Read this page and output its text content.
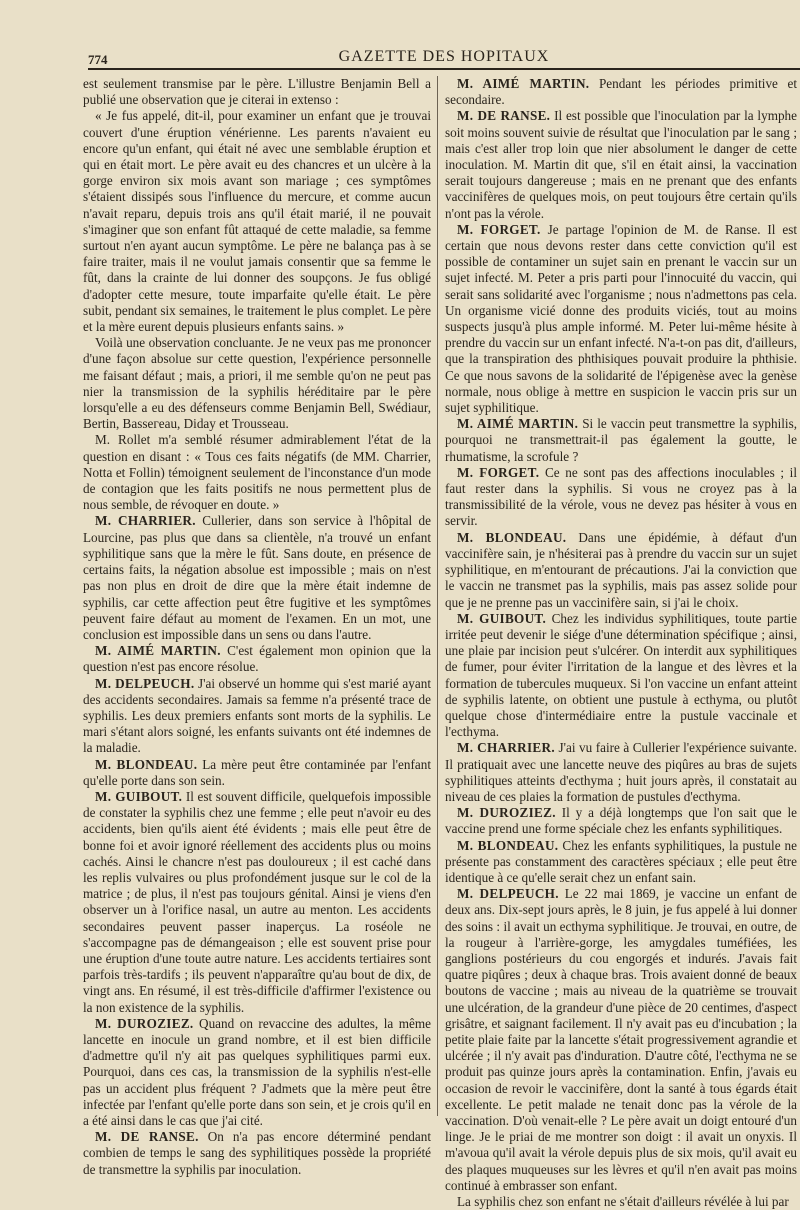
774	GAZETTE DES HOPITAUX

est seulement transmise par le père. L'illustre Benjamin Bell a publié une observation que je citerai in extenso :

« Je fus appelé, dit-il, pour examiner un enfant que je trouvai couvert d'une éruption vénérienne. Les parents n'avaient eu encore qu'un enfant, qui était né avec une semblable éruption et qui en était mort. Le père avait eu des chancres et un ulcère à la gorge environ six mois avant son mariage ; ces symptômes s'étaient dissipés sous l'influence du mercure, et comme aucun n'avait reparu, depuis trois ans qu'il était marié, il ne pouvait s'imaginer que son enfant fût attaqué de cette maladie, sa femme surtout n'en ayant aucun symptôme. Le père ne balança pas à se faire traiter, mais il ne voulut jamais consentir que sa femme le fût, dans la crainte de lui donner des soupçons. Je fus obligé d'adopter cette mesure, toute imparfaite qu'elle était. Le père subit, pendant six semaines, le traitement le plus complet. Le père et la mère eurent depuis plusieurs enfants sains. »

Voilà une observation concluante. Je ne veux pas me prononcer d'une façon absolue sur cette question, l'expérience personnelle me faisant défaut ; mais, a priori, il me semble qu'on ne peut pas nier la transmission de la syphilis héréditaire par le père lorsqu'elle a eu des défenseurs comme Benjamin Bell, Swédiaur, Bertin, Basseгeau, Diday et Trousseau.

M. Rollet m'a semblé résumer admirablement l'état de la question en disant : « Tous ces faits négatifs (de MM. Charrier, Notta et Follin) témoignent seulement de l'inconstance d'un mode de contagion que les faits positifs ne nous permettent plus de nous semble, de révoquer en doute. »

M. CHARRIER. Cullerier, dans son service à l'hôpital de Lourcine, pas plus que dans sa clientèle, n'a trouvé un enfant syphilitique sans que la mère le fût. Sans doute, en présence de certains faits, la négation absolue est impossible ; mais on n'est pas non plus en droit de dire que la mère était indemne de syphilis, car cette affection peut être fugitive et les symptômes peuvent faire défaut au moment de l'examen. En un mot, une conclusion est impossible dans un sens ou dans l'autre.

M. AIMÉ MARTIN. C'est également mon opinion que la question n'est pas encore résolue.

M. DELPEUCH. J'ai observé un homme qui s'est marié ayant des accidents secondaires. Jamais sa femme n'a présenté trace de syphilis. Les deux premiers enfants sont morts de la syphilis. Le mari s'étant alors soigné, les enfants suivants ont été indemnes de la maladie.

M. BLONDEAU. La mère peut être contaminée par l'enfant qu'elle porte dans son sein.

M. GUIBOUT. Il est souvent difficile, quelquefois impossible de constater la syphilis chez une femme ; elle peut n'avoir eu des accidents, bien qu'ils aient été évidents ; mais elle peut être de bonne foi et avoir ignoré réellement des accidents plus ou moins cachés. Ainsi le chancre n'est pas douloureux ; il est caché dans les replis vulvaires ou plus profondément jusque sur le col de la matrice ; de plus, il n'est pas toujours génital. Ainsi je viens d'en observer un à l'orifice nasal, un autre au menton. Les accidents secondaires peuvent passer inaperçus. La roséole ne s'accompagne pas de démangeaison ; elle est souvent prise pour une éruption d'une toute autre nature. Les accidents tertiaires sont parfois très-tardifs ; ils peuvent n'apparaître qu'au bout de dix, de vingt ans. En résumé, il est très-difficile d'affirmer l'existence ou la non existence de la syphilis.

M. DUROZIEZ. Quand on revaccine des adultes, la même lancette en inocule un grand nombre, et il est bien difficile d'admettre qu'il n'y ait pas quelques syphilitiques parmi eux. Pourquoi, dans ces cas, la transmission de la syphilis n'est-elle pas un accident plus fréquent ? J'admets que la mère peut être infectée par l'enfant qu'elle porte dans son sein, et je crois qu'il en a été ainsi dans le cas que j'ai cité.

M. DE RANSE. On n'a pas encore déterminé pendant combien de temps le sang des syphilitiques possède la propriété de transmettre la syphilis par inoculation.

M. AIMÉ MARTIN. Pendant les périodes primitive et secondaire.

M. DE RANSE. Il est possible que l'inoculation par la lymphe soit moins souvent suivie de résultat que l'inoculation par le sang ; mais c'est aller trop loin que nier absolument le danger de cette inoculation. M. Martin dit que, s'il en était ainsi, la vaccination serait toujours dangereuse ; mais en ne prenant que des enfants vaccinifères de quelques mois, on peut toujours être certain qu'ils n'ont pas la vérole.

M. FORGET. Je partage l'opinion de M. de Ranse. Il est certain que nous devons rester dans cette conviction qu'il est possible de contaminer un sujet sain en prenant le vaccin sur un sujet infecté. M. Peter a pris parti pour l'innocuité du vaccin, qui serait sans solidarité avec l'organisme ; nous n'admettons pas cela. Un organisme vicié donne des produits viciés, tout au moins suspects jusqu'à plus ample informé. M. Peter lui-même hésite à prendre du vaccin sur un enfant infecté. N'a-t-on pas dit, d'ailleurs, que la transpiration des phthisiques pouvait produire la phthisie. Ce que nous savons de la solidarité de l'épigenèse avec la genèse normale, nous oblige à mettre en suspicion le vaccin pris sur un sujet syphilitique.

M. AIMÉ MARTIN. Si le vaccin peut transmettre la syphilis, pourquoi ne transmettrait-il pas également la goutte, le rhumatisme, la scrofule ?

M. FORGET. Ce ne sont pas des affections inoculables ; il faut rester dans la syphilis. Si vous ne croyez pas à la transmissibilité de la vérole, vous ne devez pas hésiter à vous en servir.

M. BLONDEAU. Dans une épidémie, à défaut d'un vaccinifère sain, je n'hésiterai pas à prendre du vaccin sur un sujet syphilitique, en m'entourant de précautions. J'ai la conviction que le vaccin ne transmet pas la syphilis, mais pas assez solide pour que je ne prenne pas un vaccinifère sain, si j'ai le choix.

M. GUIBOUT. Chez les individus syphilitiques, toute partie irritée peut devenir le siége d'une détermination spécifique ; ainsi, une plaie par incision peut s'ulcérer. On interdit aux syphilitiques de fumer, pour éviter l'irritation de la langue et des lèvres et la formation de tubercules muqueux. Si l'on vaccine un enfant atteint de syphilis latente, on obtient une pustule à ecthyma, ou plutôt quelque chose d'intermédiaire entre la pustule vaccinale et l'ecthyma.

M. CHARRIER. J'ai vu faire à Cullerier l'expérience suivante. Il pratiquait avec une lancette neuve des piqûres au bras de sujets syphilitiques atteints d'ecthyma ; huit jours après, il constatait au niveau de ces plaies la formation de pustules d'ecthyma.

M. DUROZIEZ. Il y a déjà longtemps que l'on sait que le vaccine prend une forme spéciale chez les enfants syphilitiques.

M. BLONDEAU. Chez les enfants syphilitiques, la pustule ne présente pas constamment des caractères spéciaux ; elle peut être identique à ce qu'elle serait chez un enfant sain.

M. DELPEUCH. Le 22 mai 1869, je vaccine un enfant de deux ans. Dix-sept jours après, le 8 juin, je fus appelé à lui donner des soins : il avait un ecthyma syphilitique. Je trouvai, en outre, de la rougeur à l'arrière-gorge, les amygdales tuméfiées, les ganglions postérieurs du cou engorgés et indurés. J'avais fait quatre piqûres ; deux à chaque bras. Trois avaient donné de beaux boutons de vaccine ; mais au niveau de la quatrième se trouvait une ulcération, de la grandeur d'une pièce de 20 centimes, d'aspect grisâtre, et saignant facilement. Il n'y avait pas eu d'incubation ; la petite plaie faite par la lancette s'était progressivement agrandie et ulcérée ; il n'y avait pas d'induration. D'autre côté, l'ecthyma ne se produit pas quinze jours après la contamination. Enfin, j'avais eu occasion de revoir le vaccinifère, dont la santé à tous égards était excellente. Le petit malade ne tenait donc pas la vérole de la vaccination. D'où venait-elle ? Le père avait un doigt entouré d'un linge. Je le priai de me montrer son doigt : il avait un onyxis. Il m'avoua qu'il avait la vérole depuis plus de six mois, qu'il avait eu des plaques muqueuses sur les lèvres et qu'il n'en avait pas moins continué à embrasser son enfant.

La syphilis chez son enfant ne s'était d'ailleurs révélée à lui par
